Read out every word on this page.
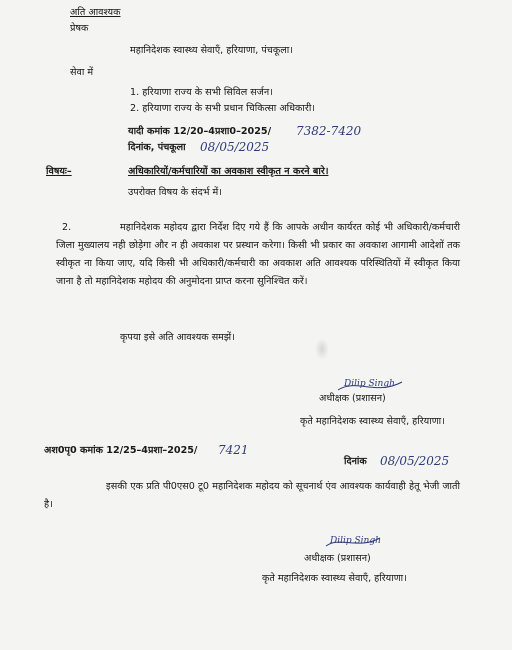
अति आवश्यक
प्रेषक
महानिदेशक स्वास्थ्य सेवाएँ, हरियाणा, पंचकूला।
सेवा में
1. हरियाणा राज्य के सभी सिविल सर्जन।
2. हरियाणा राज्य के सभी प्रधान चिकित्सा अधिकारी।
यादी कमांक 12/20–4प्रशा0–2025/ 7382-7420
दिनांक, पंचकूला 08/05/2025
विषयः–	अधिकारियों/कर्मचारियों का अवकाश स्वीकृत न करने बारे।
उपरोक्त विषय के संदर्भ में।
2.	महानिदेशक महोदय द्वारा निर्देश दिए गये हैं कि आपके अधीन कार्यरत कोई भी अधिकारी/कर्मचारी जिला मुख्यालय नही छोड़ेगा और न ही अवकाश पर प्रस्थान करेगा। किसी भी प्रकार का अवकाश आगामी आदेशों तक स्वीकृत ना किया जाए, यदि किसी भी अधिकारी/कर्मचारी का अवकाश अति आवश्यक परिस्थितियों में स्वीकृत किया जाना है तो महानिदेशक महोदय की अनुमोदना प्राप्त करना सुनिश्चित करें।
कृपया इसे अति आवश्यक समझें।
Dilip Singh
अधीक्षक (प्रशासन)
कृते महानिदेशक स्वास्थ्य सेवाएँ, हरियाणा।
अश0पृ0 कमांक 12/25–4प्रशा–2025/ 7421
दिनांक 08/05/2025
इसकी एक प्रति पी0एस0 टू0 महानिदेशक महोदय को सूचनार्थ एंव आवश्यक कार्यवाही हेतू भेजी जाती है।
Dilip Singh
अधीक्षक (प्रशासन)
कृते महानिदेशक स्वास्थ्य सेवाएँ, हरियाणा।
